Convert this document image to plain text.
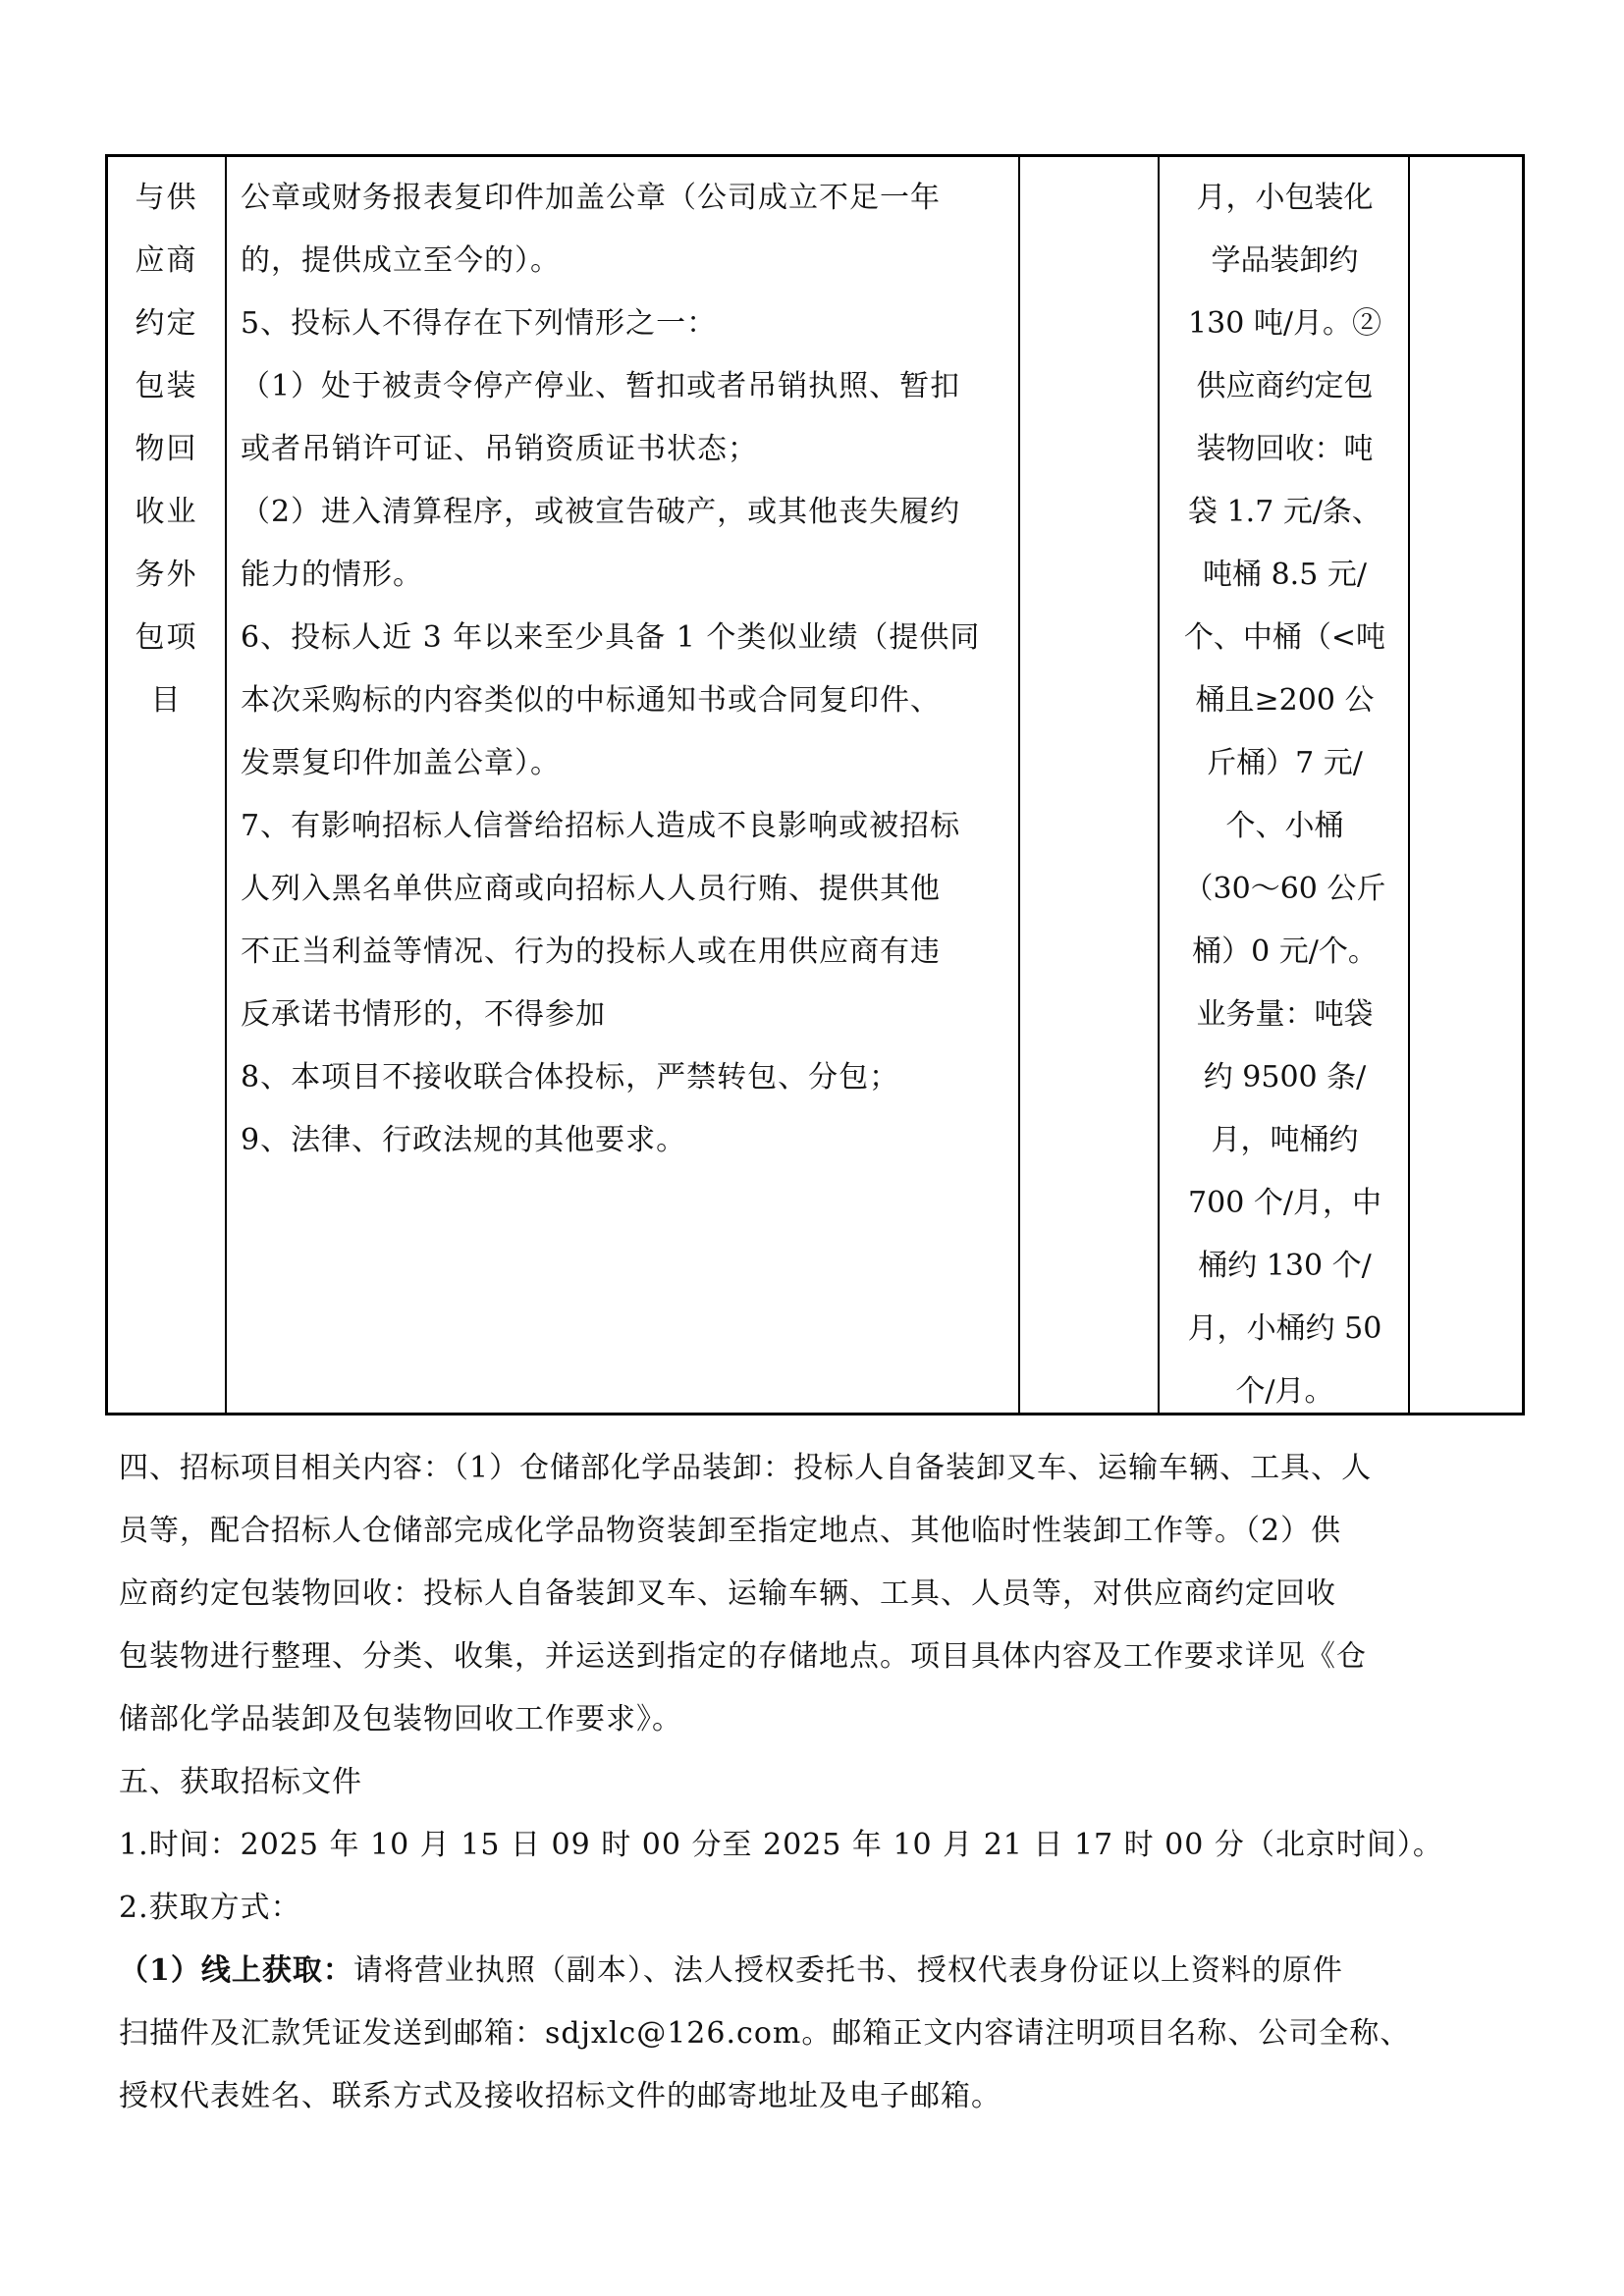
与供
应商
约定
包装
物回
收业
务外
包项
目
公章或财务报表复印件加盖公章（公司成立不足一年
的，提供成立至今的）。
5、投标人不得存在下列情形之一：
（1）处于被责令停产停业、暂扣或者吊销执照、暂扣
或者吊销许可证、吊销资质证书状态；
（2）进入清算程序，或被宣告破产，或其他丧失履约
能力的情形。
6、投标人近 3 年以来至少具备 1 个类似业绩（提供同
本次采购标的内容类似的中标通知书或合同复印件、
发票复印件加盖公章）。
7、有影响招标人信誉给招标人造成不良影响或被招标
人列入黑名单供应商或向招标人人员行贿、提供其他
不正当利益等情况、行为的投标人或在用供应商有违
反承诺书情形的，不得参加
8、本项目不接收联合体投标，严禁转包、分包；
9、法律、行政法规的其他要求。
月，小包装化
学品装卸约
130 吨/月。②
供应商约定包
装物回收：吨
袋 1.7 元/条、
吨桶 8.5 元/
个、中桶（<吨
桶且≥200 公
斤桶）7 元/
个、小桶
（30～60 公斤
桶）0 元/个。
业务量：吨袋
约 9500 条/
月，吨桶约
700 个/月，中
桶约 130 个/
月，小桶约 50
个/月。
四、招标项目相关内容：（1）仓储部化学品装卸：投标人自备装卸叉车、运输车辆、工具、人
员等，配合招标人仓储部完成化学品物资装卸至指定地点、其他临时性装卸工作等。（2）供
应商约定包装物回收：投标人自备装卸叉车、运输车辆、工具、人员等，对供应商约定回收
包装物进行整理、分类、收集，并运送到指定的存储地点。项目具体内容及工作要求详见《仓
储部化学品装卸及包装物回收工作要求》。
五、获取招标文件
1.时间：2025 年 10 月 15 日 09 时 00 分至 2025 年 10 月 21 日 17 时 00 分（北京时间）。
2.获取方式：
（1）线上获取：请将营业执照（副本）、法人授权委托书、授权代表身份证以上资料的原件
扫描件及汇款凭证发送到邮箱：sdjxlc@126.com。邮箱正文内容请注明项目名称、公司全称、
授权代表姓名、联系方式及接收招标文件的邮寄地址及电子邮箱。
